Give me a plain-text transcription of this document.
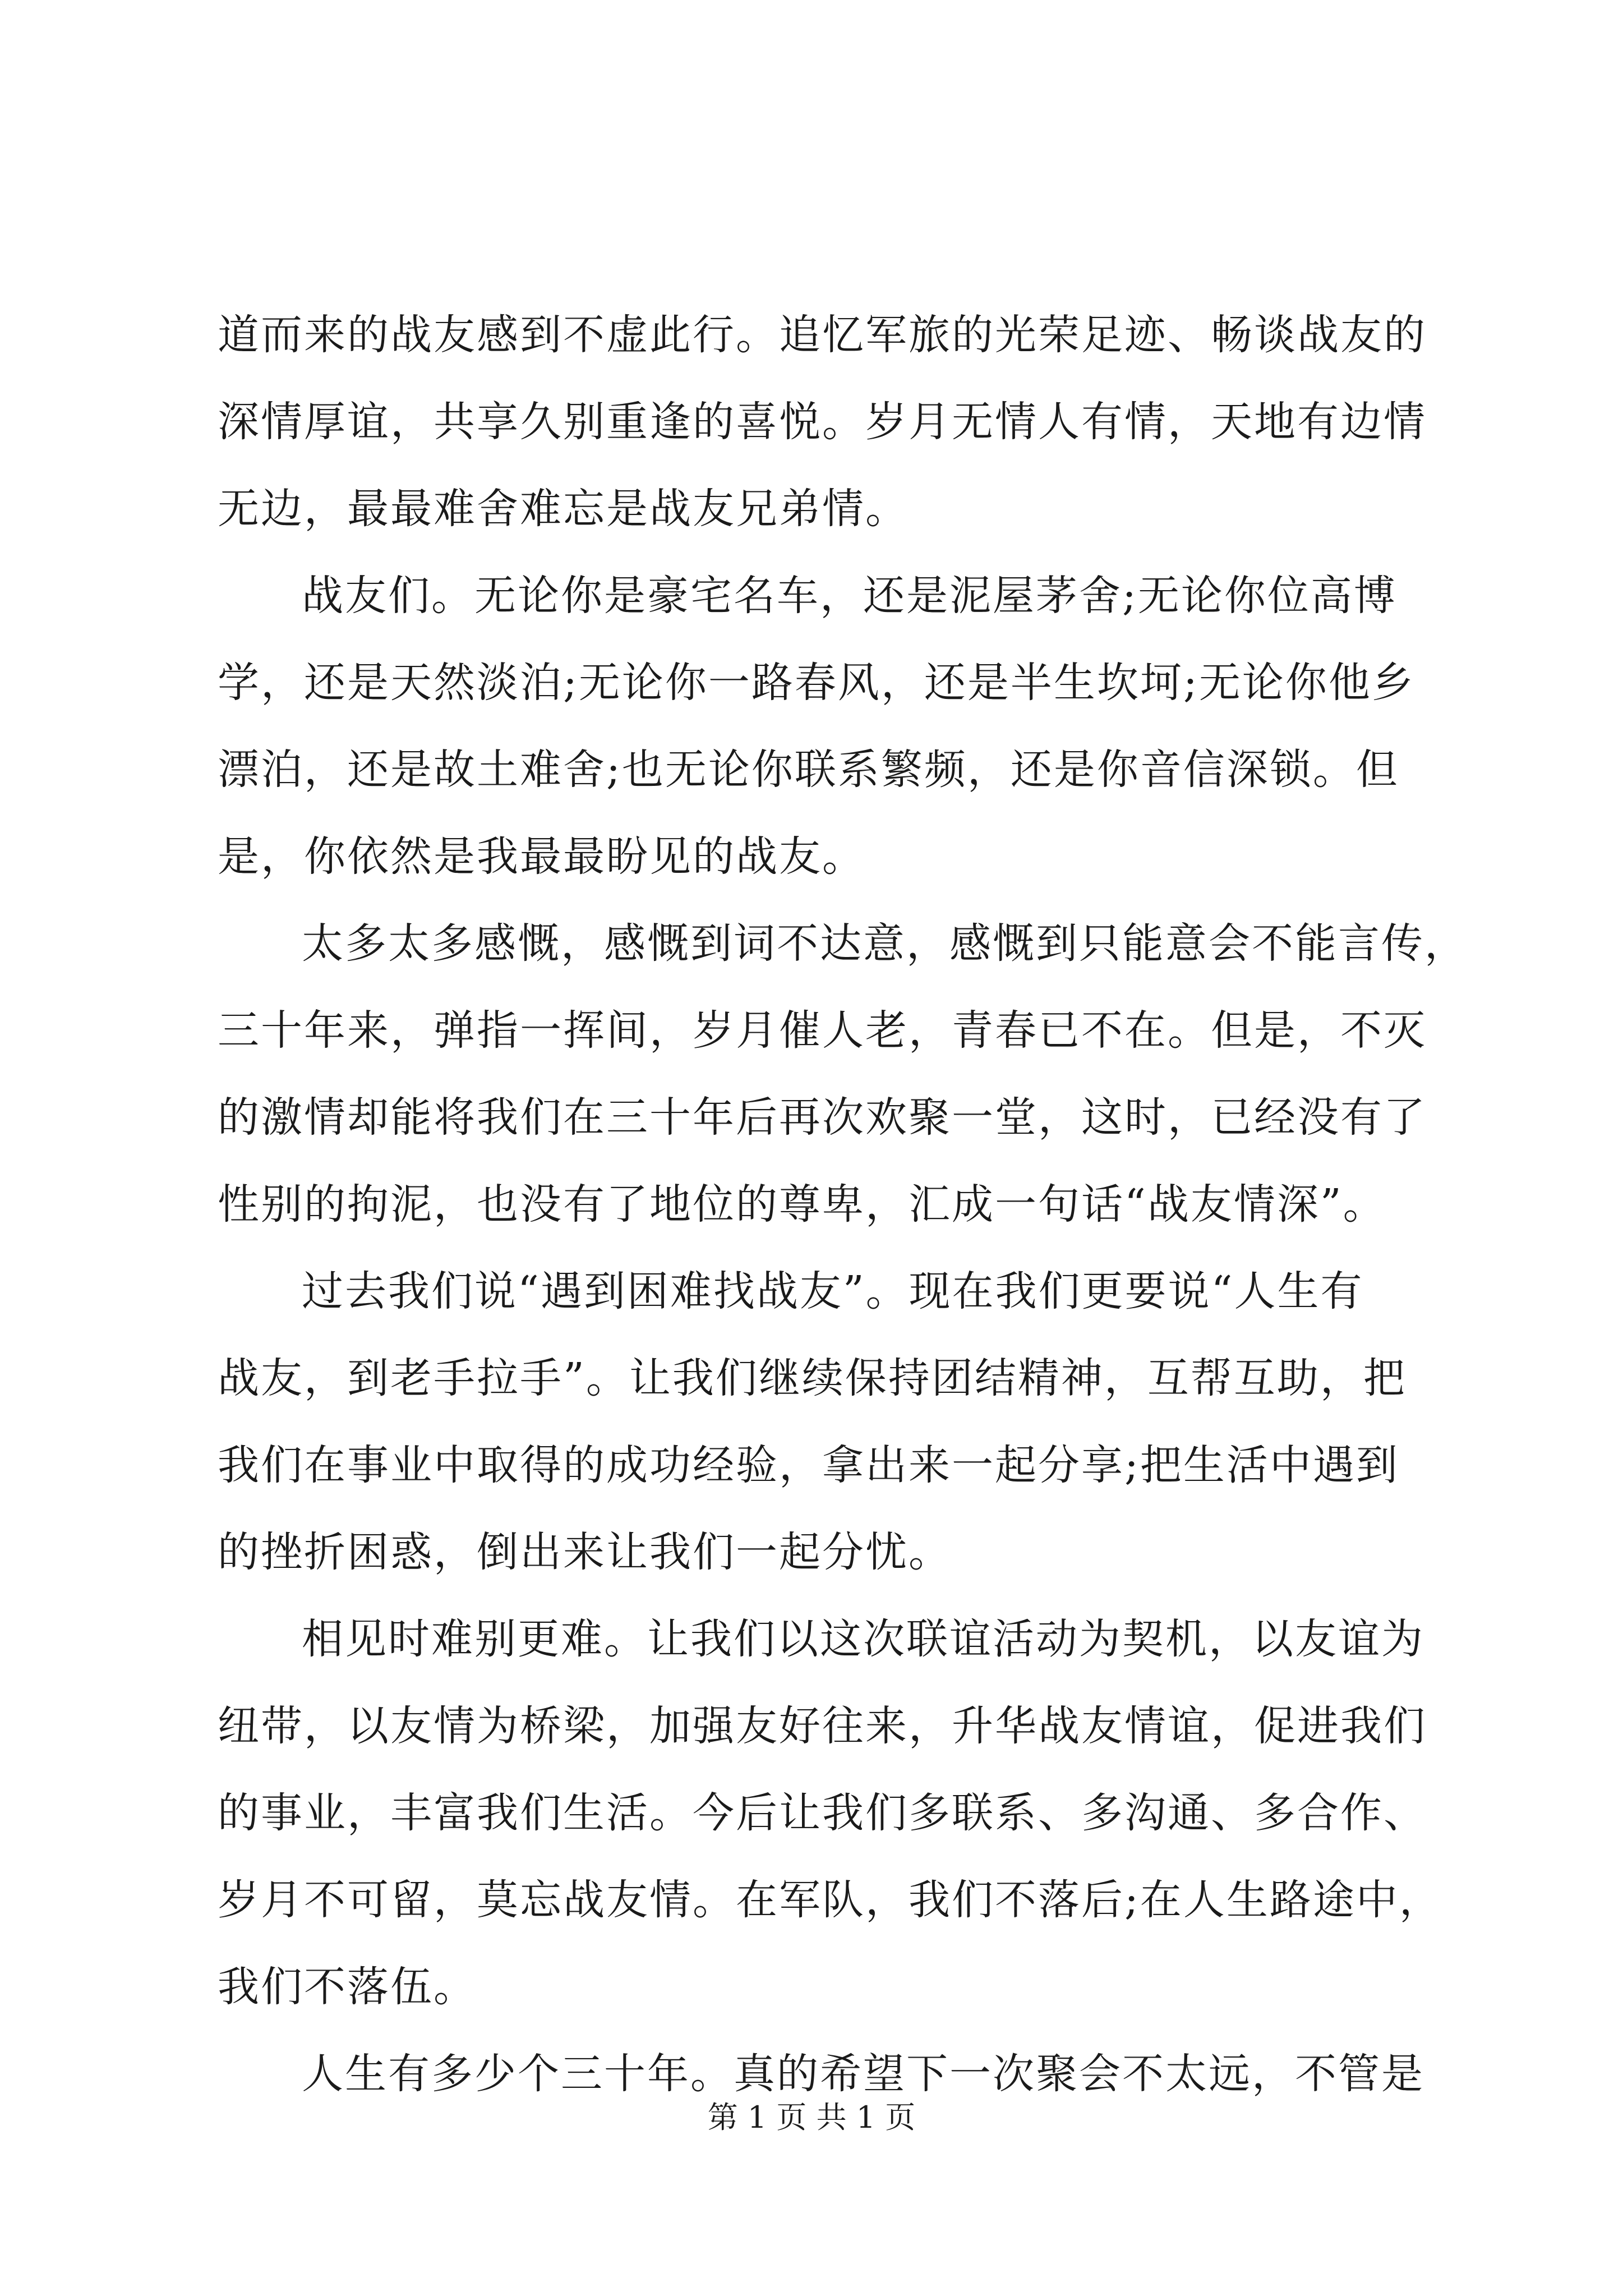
道而来的战友感到不虚此行。追忆军旅的光荣足迹、畅谈战友的
深情厚谊，共享久别重逢的喜悦。岁月无情人有情，天地有边情
无边，最最难舍难忘是战友兄弟情。
战友们。无论你是豪宅名车，还是泥屋茅舍;无论你位高博
学，还是天然淡泊;无论你一路春风，还是半生坎坷;无论你他乡
漂泊，还是故土难舍;也无论你联系繁频，还是你音信深锁。但
是，你依然是我最最盼见的战友。
太多太多感慨，感慨到词不达意，感慨到只能意会不能言传，
三十年来，弹指一挥间，岁月催人老，青春已不在。但是，不灭
的激情却能将我们在三十年后再次欢聚一堂，这时，已经没有了
性别的拘泥，也没有了地位的尊卑，汇成一句话“战友情深”。
过去我们说“遇到困难找战友”。现在我们更要说“人生有
战友，到老手拉手”。让我们继续保持团结精神，互帮互助，把
我们在事业中取得的成功经验，拿出来一起分享;把生活中遇到
的挫折困惑，倒出来让我们一起分忧。
相见时难别更难。让我们以这次联谊活动为契机，以友谊为
纽带，以友情为桥梁，加强友好往来，升华战友情谊，促进我们
的事业，丰富我们生活。今后让我们多联系、多沟通、多合作、
岁月不可留，莫忘战友情。在军队，我们不落后;在人生路途中，
我们不落伍。
人生有多少个三十年。真的希望下一次聚会不太远，不管是
第 1 页 共 1 页
